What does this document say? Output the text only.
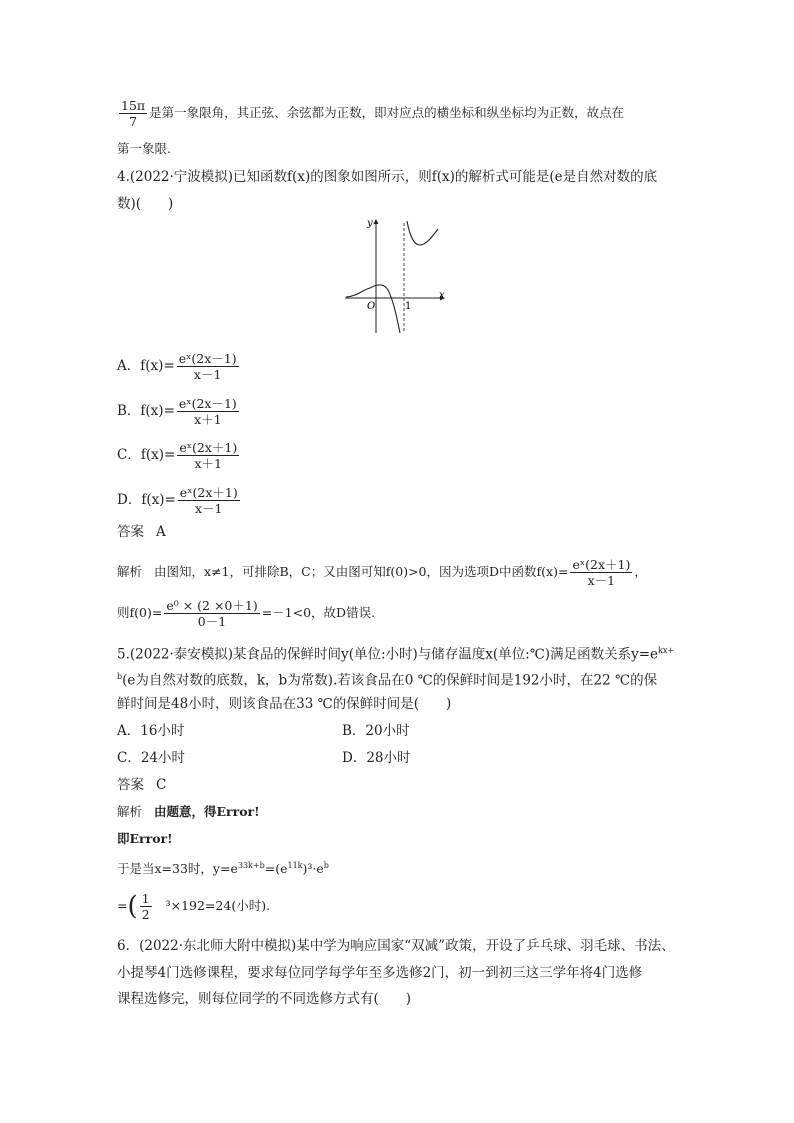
$\frac{15\pi}{7}$ 是第一象限角，其正弦、余弦都为正数，即对应点的横坐标和纵坐标均为正数，故点在
第一象限.
4.(2022·宁波模拟)已知函数f(x)的图象如图所示，则f(x)的解析式可能是(e是自然对数的底
数)(　　)
y
x
O	1
A．$f(x)= \frac{\text{eˣ(2x－1)}}{x-1}$
B．$f(x)= \frac{\text{eˣ(2x－1)}}{x+1}$
C．$f(x)= \frac{\text{eˣ(2x＋1)}}{x+1}$
D．$f(x)= \frac{\text{eˣ(2x＋1)}}{x-1}$
答案 A
解析 由图知，x≠1，可排除B，C；又由图可知f(0)>0，因为选项D中函数$f(x)= \frac{\text{eˣ(2x＋1)}}{x-1}$ ，
则$f(0)= \frac{\text{e⁰ × (2 ×0＋1)}}{0-1} =-1<0$，故D错误.
5.(2022·泰安模拟)某食品的保鲜时间y(单位:小时)与储存温度x(单位:℃)满足函数关系$y=e^{kx+}$
$^b$(e为自然对数的底数，k，b为常数).若该食品在0 ℃的保鲜时间是192小时，在22 ℃的保
鲜时间是48小时，则该食品在33 ℃的保鲜时间是(　　)
A．16小时	B．20小时
C．24小时	D．28小时
答案 C
解析 由题意，得Error!
即Error!
于是当x=33时，$y=e^{33k+b}=(e^{11k})^3\cdot e^b$
=( $\frac{1}{2} ^3\times 192=24$(小时).
6．(2022·东北师大附中模拟)某中学为响应国家“双减”政策，开设了乒乓球、羽毛球、书法、
小提琴4门选修课程，要求每位同学每学年至多选修2门，初一到初三这三学年将4门选修
课程选修完，则每位同学的不同选修方式有(　　)
